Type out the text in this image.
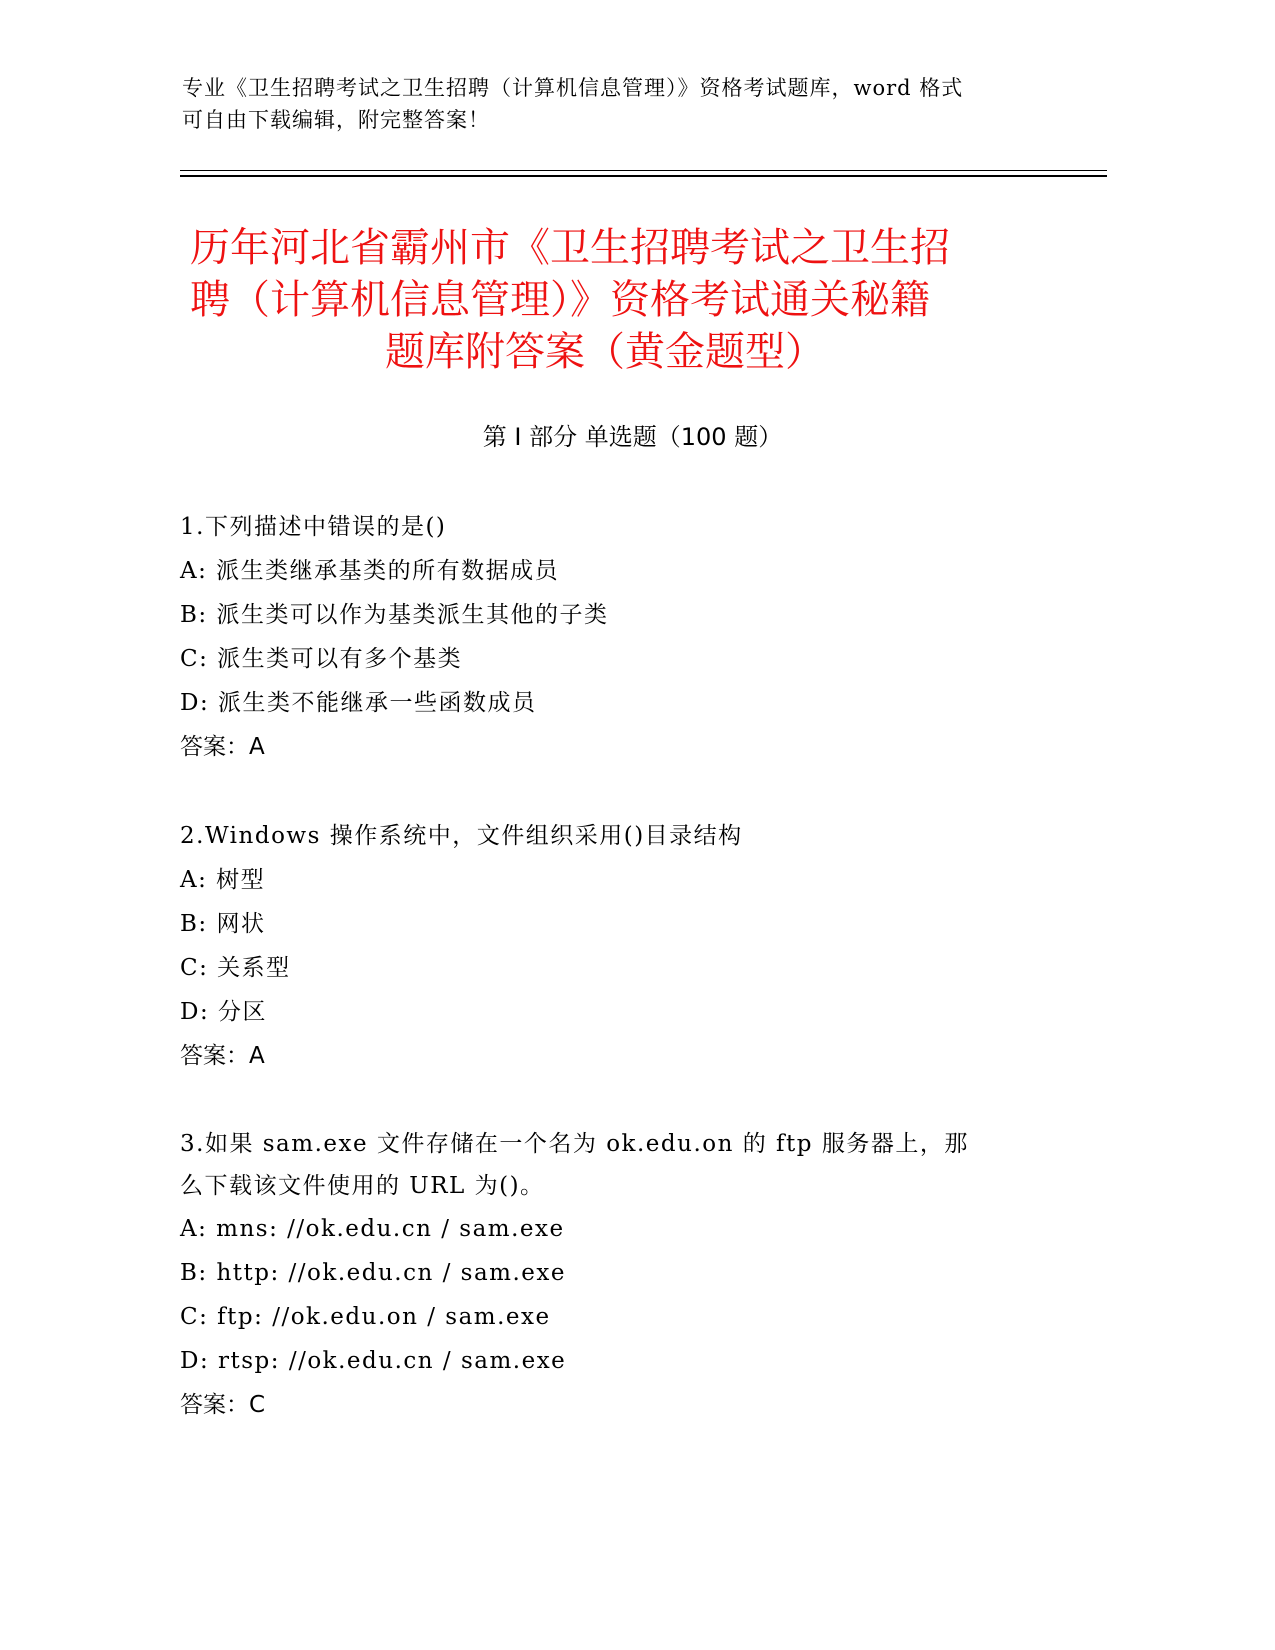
专业《卫生招聘考试之卫生招聘（计算机信息管理）》资格考试题库，word 格式
可自由下载编辑，附完整答案！
历年河北省霸州市《卫生招聘考试之卫生招
聘（计算机信息管理）》资格考试通关秘籍
题库附答案（黄金题型）
第 I 部分 单选题（100 题）
1.下列描述中错误的是()
A: 派生类继承基类的所有数据成员
B: 派生类可以作为基类派生其他的子类
C: 派生类可以有多个基类
D: 派生类不能继承一些函数成员
答案：A
2.Windows 操作系统中，文件组织采用()目录结构
A: 树型
B: 网状
C: 关系型
D: 分区
答案：A
3.如果 sam.exe 文件存储在一个名为 ok.edu.on 的 ftp 服务器上，那
么下载该文件使用的 URL 为()。
A: mns: //ok.edu.cn / sam.exe
B: http: //ok.edu.cn / sam.exe
C: ftp: //ok.edu.on / sam.exe
D: rtsp: //ok.edu.cn / sam.exe
答案：C
